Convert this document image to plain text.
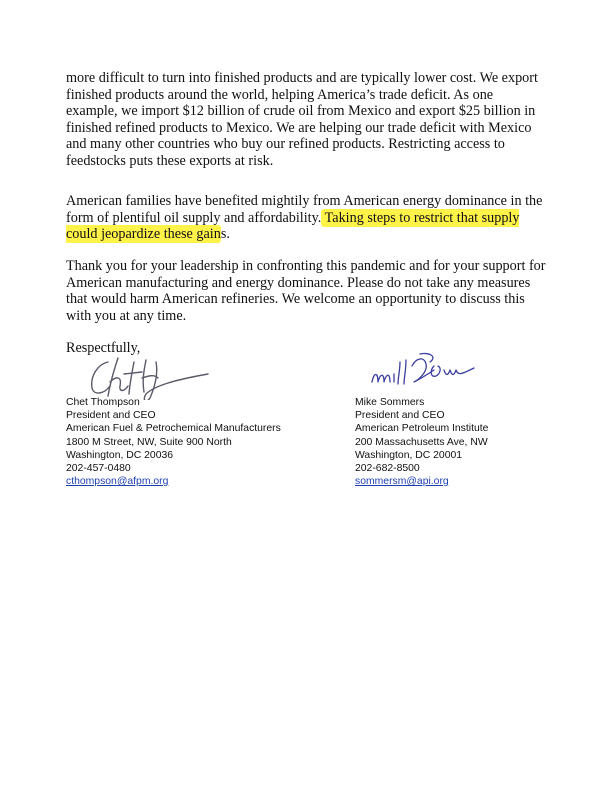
more difficult to turn into finished products and are typically lower cost. We export finished products around the world, helping America’s trade deficit. As one example, we import $12 billion of crude oil from Mexico and export $25 billion in finished refined products to Mexico. We are helping our trade deficit with Mexico and many other countries who buy our refined products. Restricting access to feedstocks puts these exports at risk.

American families have benefited mightily from American energy dominance in the form of plentiful oil supply and affordability. Taking steps to restrict that supply could jeopardize these gains.

Thank you for your leadership in confronting this pandemic and for your support for American manufacturing and energy dominance. Please do not take any measures that would harm American refineries. We welcome an opportunity to discuss this with you at any time.

Respectfully,

Chet Thompson
President and CEO
American Fuel & Petrochemical Manufacturers
1800 M Street, NW, Suite 900 North
Washington, DC 20036
202-457-0480
cthompson@afpm.org
Mike Sommers
President and CEO
American Petroleum Institute
200 Massachusetts Ave, NW
Washington, DC 20001
202-682-8500
sommersm@api.org
